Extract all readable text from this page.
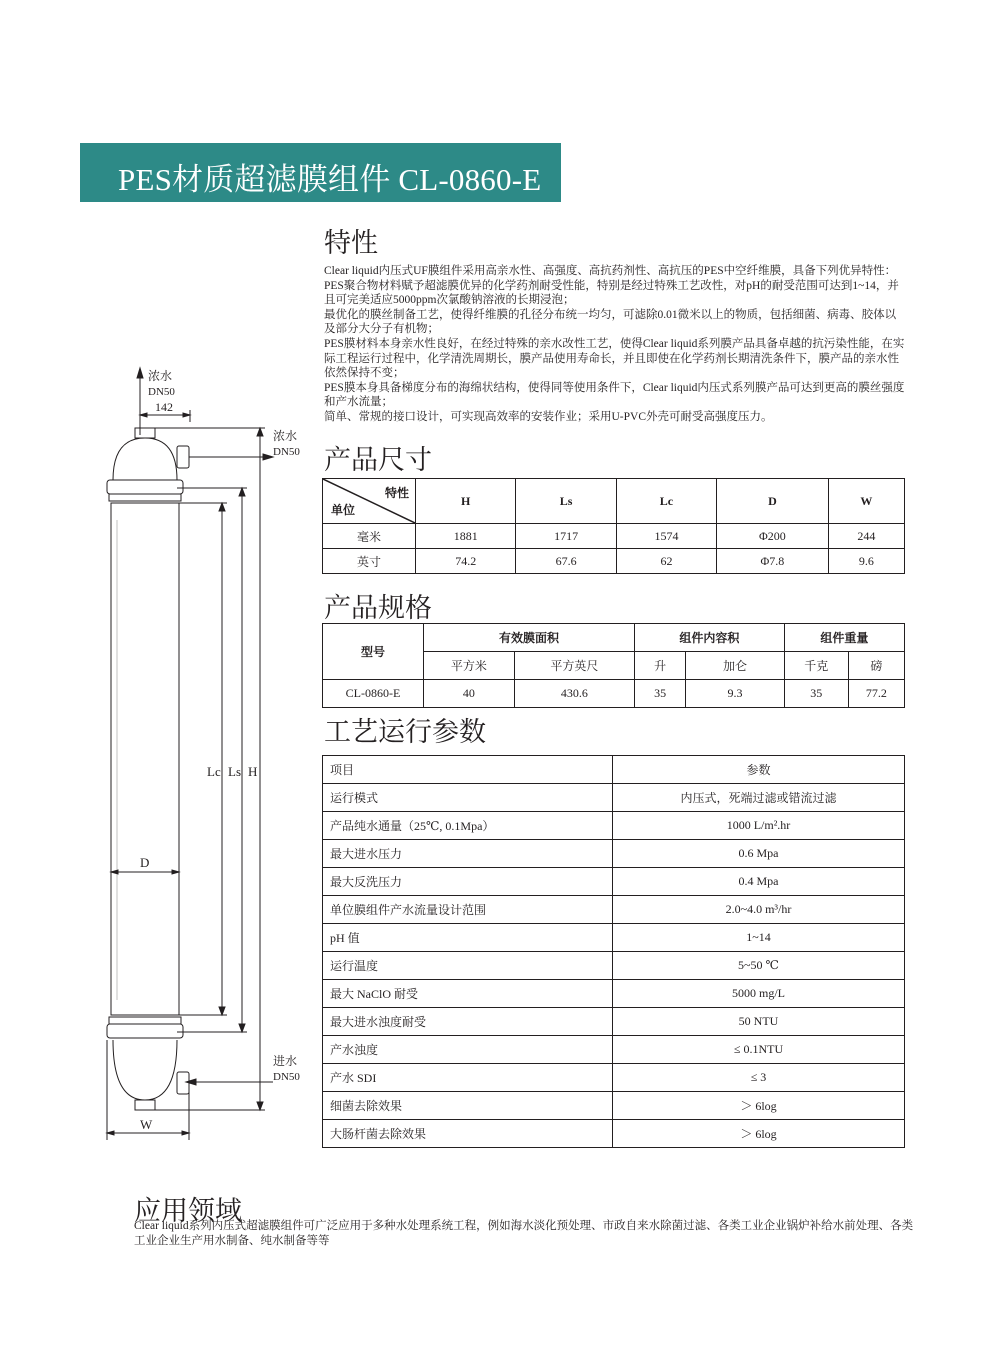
PES材质超滤膜组件 CL-0860-E
特性

Clear liquid内压式UF膜组件采用高亲水性、高强度、高抗药剂性、高抗压的PES中空纤维膜，具备下列优异特性：

PES聚合物材料赋予超滤膜优异的化学药剂耐受性能，特别是经过特殊工艺改性，对pH的耐受范围可达到1~14，并且可完美适应5000ppm次氯酸钠溶液的长期浸泡；

最优化的膜丝制备工艺，使得纤维膜的孔径分布统一均匀，可滤除0.01微米以上的物质，包括细菌、病毒、胶体以及部分大分子有机物；

PES膜材料本身亲水性良好，在经过特殊的亲水改性工艺，使得Clear liquid系列膜产品具备卓越的抗污染性能，在实际工程运行过程中，化学清洗周期长，膜产品使用寿命长，并且即使在化学药剂长期清洗条件下，膜产品的亲水性依然保持不变；

PES膜本身具备梯度分布的海绵状结构，使得同等使用条件下，Clear liquid内压式系列膜产品可达到更高的膜丝强度和产水流量；

简单、常规的接口设计，可实现高效率的安装作业；采用U-PVC外壳可耐受高强度压力。

产品尺寸
特性
单位	H	Ls	Lc	D	W
毫米	1881	1717	1574	Φ200	244
英寸	74.2	67.6	62	Φ7.8	9.6
产品规格
型号	有效膜面积		组件内容积		组件重量	
	平方米	平方英尺	升	加仑	千克	磅
CL-0860-E	40	430.6	35	9.3	35	77.2
工艺运行参数
项目	参数
运行模式	内压式，死端过滤或错流过滤
产品纯水通量（25℃, 0.1Mpa）	1000 L/m².hr
最大进水压力	0.6 Mpa
最大反洗压力	0.4 Mpa
单位膜组件产水流量设计范围	2.0~4.0 m³/hr
pH 值	1~14
运行温度	5~50 ℃
最大 NaClO 耐受	5000 mg/L
最大进水浊度耐受	50 NTU
产水浊度	≤ 0.1NTU
产水 SDI	≤ 3
细菌去除效果	＞ 6log
大肠杆菌去除效果	＞ 6log
浓水
DN50
142
浓水
DN50
进水
DN50
Lc Ls H
D
W
应用领域
Clear liquid系列内压式超滤膜组件可广泛应用于多种水处理系统工程，例如海水淡化预处理、市政自来水除菌过滤、各类工业企业锅炉补给水前处理、各类工业企业生产用水制备、纯水制备等等
